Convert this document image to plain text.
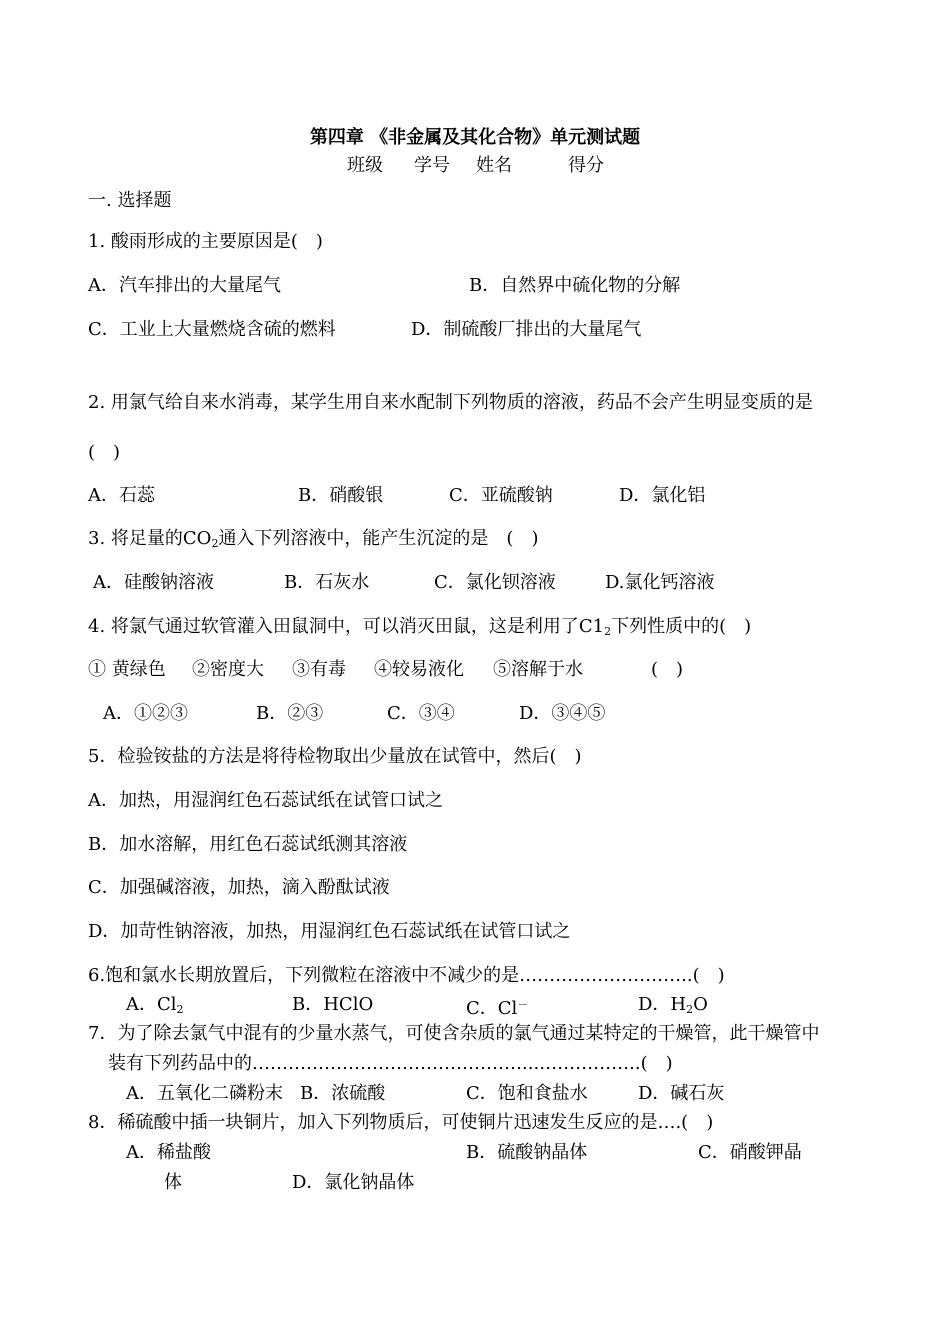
第四章 《非金属及其化合物》单元测试题
班级 学号 姓名	得分
一. 选择题
1. 酸雨形成的主要原因是( )
A．汽车排出的大量尾气	B．自然界中硫化物的分解
C．工业上大量燃烧含硫的燃料	D．制硫酸厂排出的大量尾气
2. 用氯气给自来水消毒，某学生用自来水配制下列物质的溶液，药品不会产生明显变质的是
( )
A．石蕊	B．硝酸银	C．亚硫酸钠	D．氯化铝
3. 将足量的$CO_2$通入下列溶液中，能产生沉淀的是 ( )
A．硅酸钠溶液	B．石灰水	C．氯化钡溶液	D.氯化钙溶液
4. 将氯气通过软管灌入田鼠洞中，可以消灭田鼠，这是利用了$C1_2$下列性质中的( )
① 黄绿色 ②密度大 ③有毒 ④较易液化 ⑤溶解于水	( )
A．①②③	B．②③	C．③④	D．③④⑤
5．检验铵盐的方法是将待检物取出少量放在试管中，然后( )
A．加热，用湿润红色石蕊试纸在试管口试之
B．加水溶解，用红色石蕊试纸测其溶液
C．加强碱溶液，加热，滴入酚酞试液
D．加苛性钠溶液，加热，用湿润红色石蕊试纸在试管口试之
6.饱和氯水长期放置后，下列微粒在溶液中不减少的是………………………..( )
A．$Cl_2$	B．HClO	C．Cl－	D．$H_2O$
7．为了除去氯气中混有的少量水蒸气，可使含杂质的氯气通过某特定的干燥管，此干燥管中
装有下列药品中的………………………………………...……………..( )
A．五氧化二磷粉末 B．浓硫酸	C．饱和食盐水	D．碱石灰
8．稀硫酸中插一块铜片，加入下列物质后，可使铜片迅速发生反应的是….( )
A．稀盐酸	B．硫酸钠晶体	C．硝酸钾晶
体	D．氯化钠晶体
